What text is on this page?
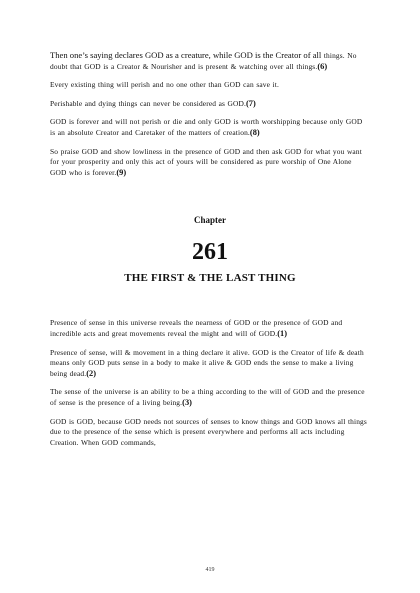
Then one’s saying declares GOD as a creature, while GOD is the Creator of all things. No doubt that GOD is a Creator & Nourisher and is present & watching over all things.(6)

Every existing thing will perish and no one other than GOD can save it.

Perishable and dying things can never be considered as GOD.(7)

GOD is forever and will not perish or die and only GOD is worth worshipping because only GOD is an absolute Creator and Caretaker of the matters of creation.(8)

So praise GOD and show lowliness in the presence of GOD and then ask GOD for what you want for your prosperity and only this act of yours will be considered as pure worship of One Alone GOD who is forever.(9)

Chapter

261

THE FIRST & THE LAST THING

Presence of sense in this universe reveals the nearness of GOD or the presence of GOD and incredible acts and great movements reveal the might and will of GOD.(1)

Presence of sense, will & movement in a thing declare it alive. GOD is the Creator of life & death means only GOD puts sense in a body to make it alive & GOD ends the sense to make a living being dead.(2)

The sense of the universe is an ability to be a thing according to the will of GOD and the presence of sense is the presence of a living being.(3)

GOD is GOD, because GOD needs not sources of senses to know things and GOD knows all things due to the presence of the sense which is present everywhere and performs all acts including Creation. When GOD commands,

419
